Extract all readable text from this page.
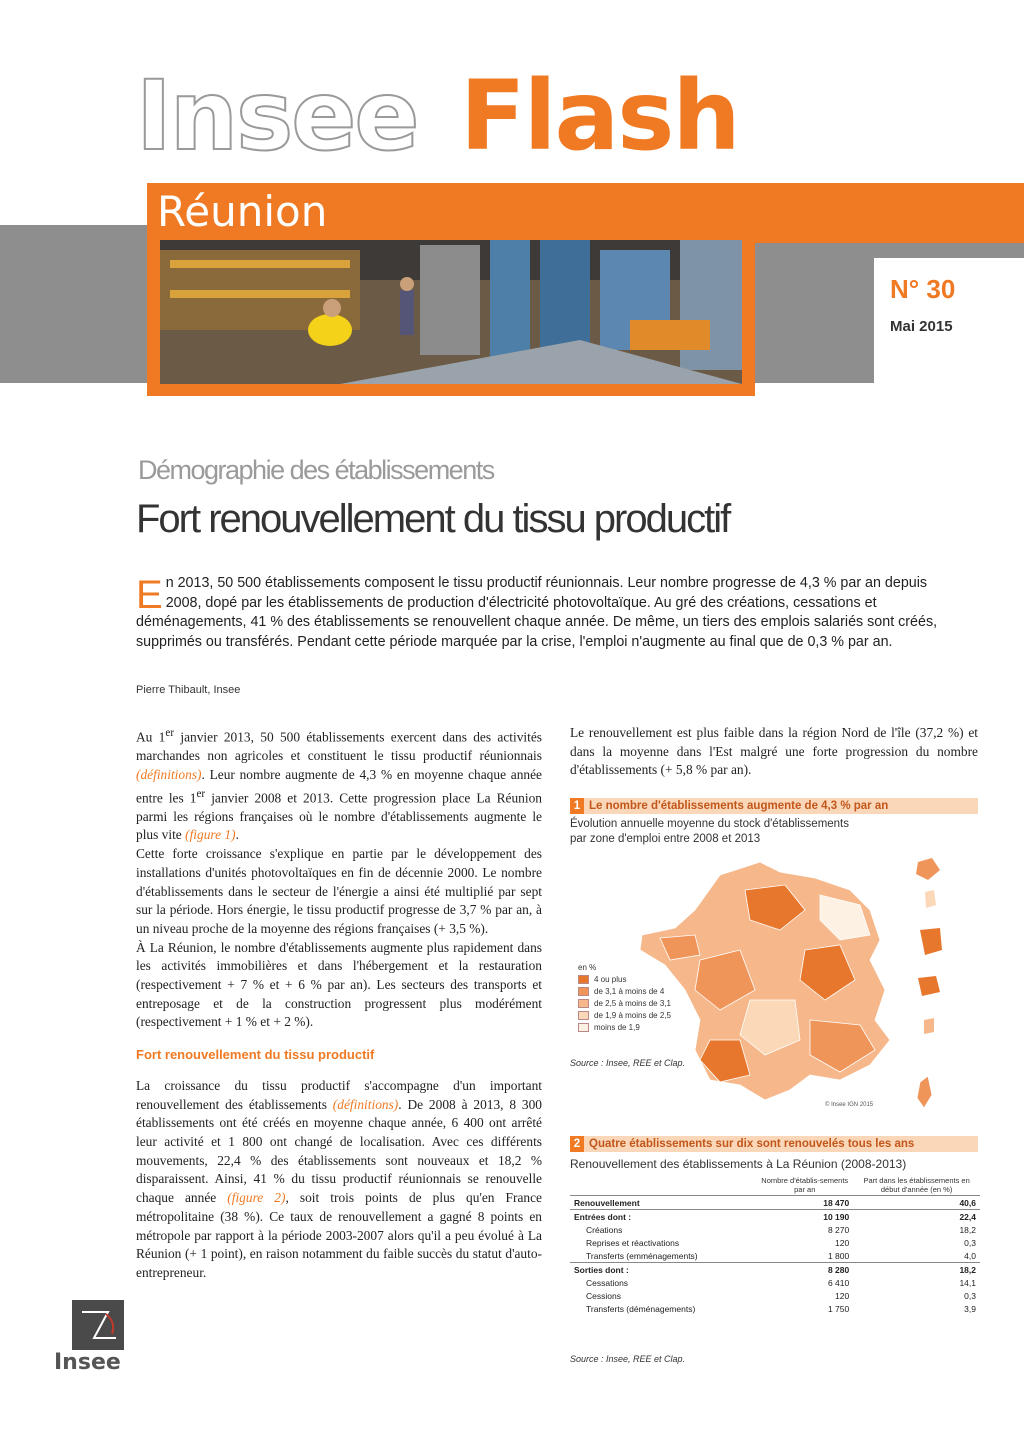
Insee Flash
Réunion
N° 30
Mai 2015
Démographie des établissements
Fort renouvellement du tissu productif
En 2013, 50 500 établissements composent le tissu productif réunionnais. Leur nombre progresse de 4,3 % par an depuis 2008, dopé par les établissements de production d'électricité photovoltaïque. Au gré des créations, cessations et déménagements, 41 % des établissements se renouvellent chaque année. De même, un tiers des emplois salariés sont créés, supprimés ou transférés. Pendant cette période marquée par la crise, l'emploi n'augmente au final que de 0,3 % par an.
Pierre Thibault, Insee

Au 1er janvier 2013, 50 500 établissements exercent dans des activités marchandes non agricoles et constituent le tissu productif réunionnais (définitions). Leur nombre augmente de 4,3 % en moyenne chaque année entre les 1er janvier 2008 et 2013. Cette progression place La Réunion parmi les régions françaises où le nombre d'établissements augmente le plus vite (figure 1).

Cette forte croissance s'explique en partie par le développement des installations d'unités photovoltaïques en fin de décennie 2000. Le nombre d'établissements dans le secteur de l'énergie a ainsi été multiplié par sept sur la période. Hors énergie, le tissu productif progresse de 3,7 % par an, à un niveau proche de la moyenne des régions françaises (+ 3,5 %).

À La Réunion, le nombre d'établissements augmente plus rapidement dans les activités immobilières et dans l'hébergement et la restauration (respectivement + 7 % et + 6 % par an). Les secteurs des transports et entreposage et de la construction progressent plus modérément (respectivement + 1 % et + 2 %).

Fort renouvellement du tissu productif

La croissance du tissu productif s'accompagne d'un important renouvellement des établissements (définitions). De 2008 à 2013, 8 300 établissements ont été créés en moyenne chaque année, 6 400 ont arrêté leur activité et 1 800 ont changé de localisation. Avec ces différents mouvements, 22,4 % des établissements sont nouveaux et 18,2 % disparaissent. Ainsi, 41 % du tissu productif réunionnais se renouvelle chaque année (figure 2), soit trois points de plus qu'en France métropolitaine (38 %). Ce taux de renouvellement a gagné 8 points en métropole par rapport à la période 2003-2007 alors qu'il a peu évolué à La Réunion (+ 1 point), en raison notamment du faible succès du statut d'auto-entrepreneur.

Le renouvellement est plus faible dans la région Nord de l'île (37,2 %) et dans la moyenne dans l'Est malgré une forte progression du nombre d'établissements (+ 5,8 % par an).

1 Le nombre d'établissements augmente de 4,3 % par an
Évolution annuelle moyenne du stock d'établissements
par zone d'emploi entre 2008 et 2013
en %
4 ou plus
de 3,1 à moins de 4
de 2,5 à moins de 3,1
de 1,9 à moins de 2,5
moins de 1,9
Source : Insee, REE et Clap.
© Insee IGN 2015
2 Quatre établissements sur dix sont renouvelés tous les ans
Renouvellement des établissements à La Réunion (2008-2013)
	Nombre d'établis-sements par an	Part dans les établissements en début d'année (en %)
Renouvellement	18 470	40,6
Entrées dont :	10 190	22,4
Créations	8 270	18,2
Reprises et réactivations	120	0,3
Transferts (emménagements)	1 800	4,0
Sorties dont :	8 280	18,2
Cessations	6 410	14,1
Cessions	120	0,3
Transferts (déménagements)	1 750	3,9
Source : Insee, REE et Clap.
Insee
